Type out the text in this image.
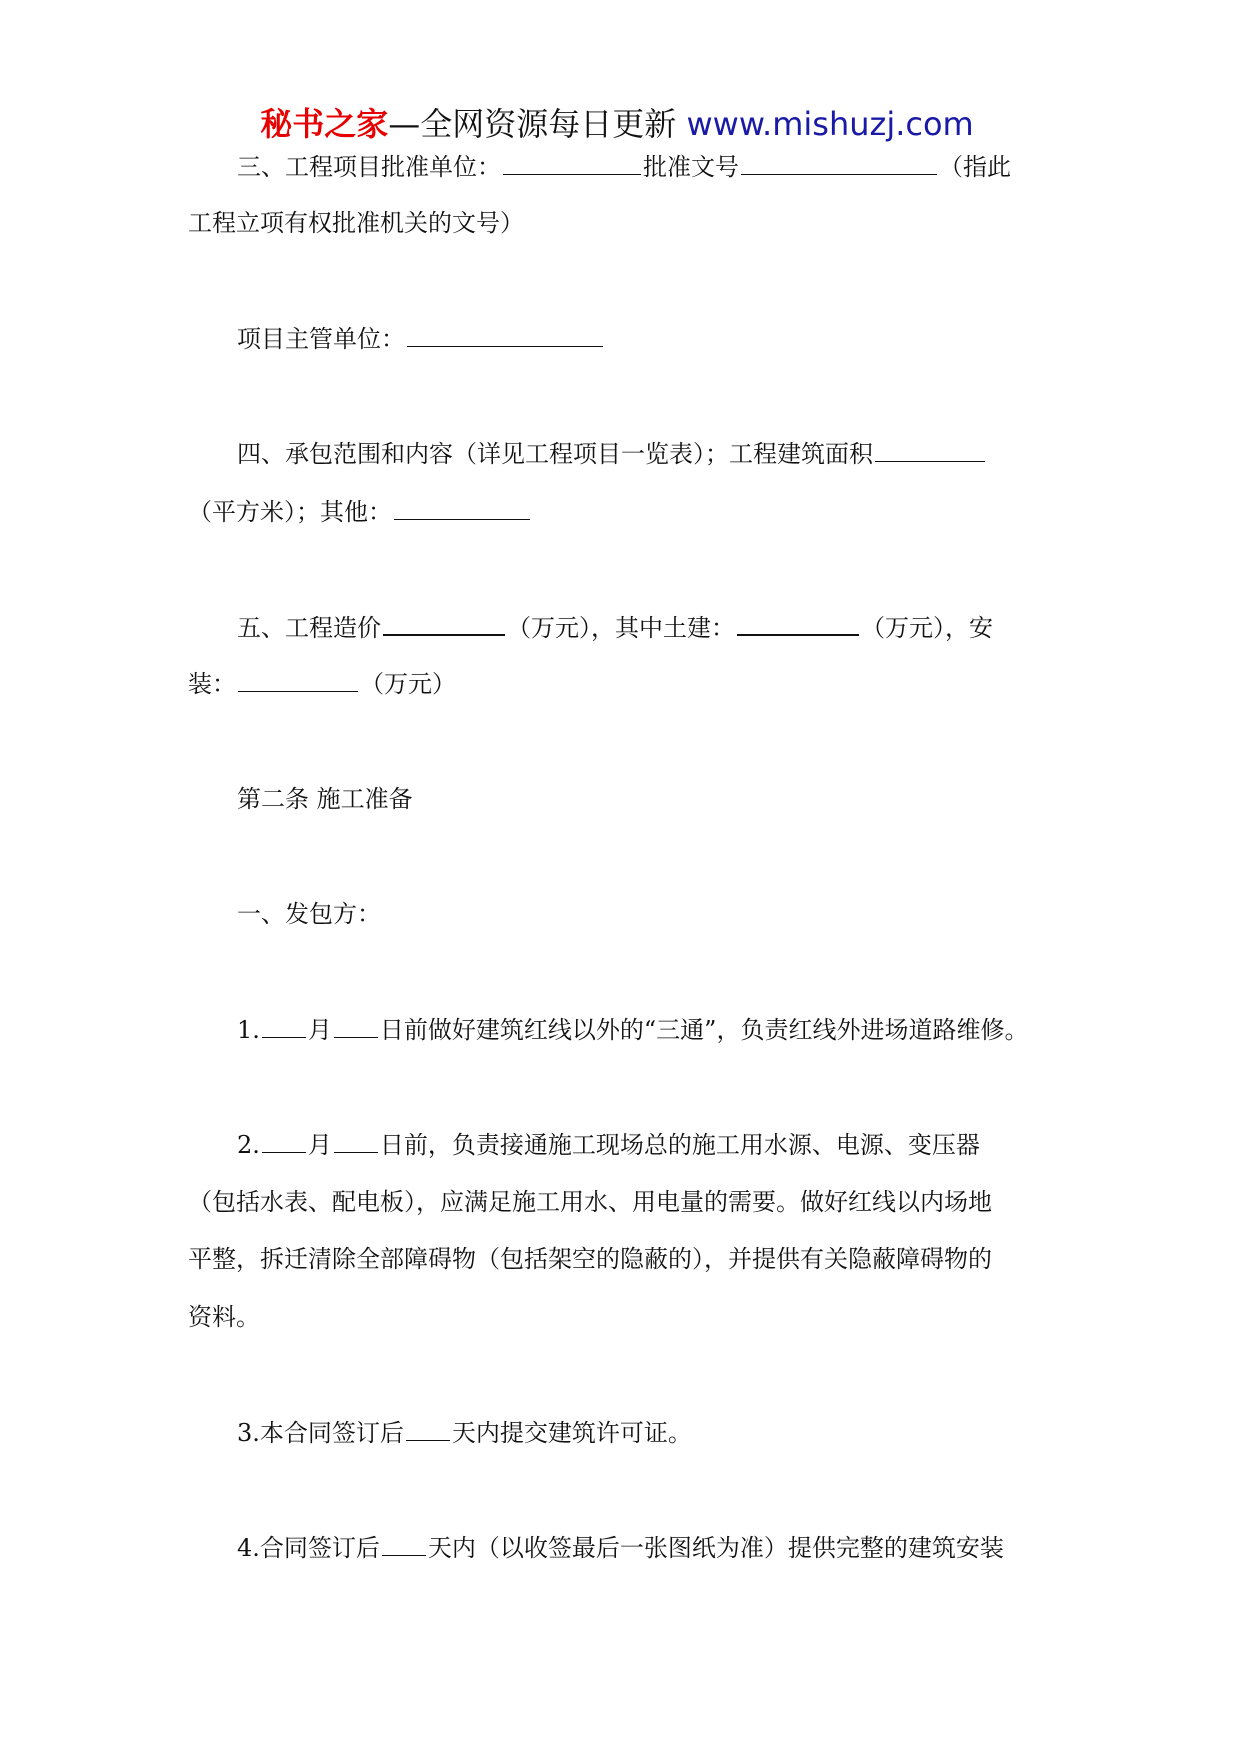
秘书之家—全网资源每日更新 www.mishuzj.com
三、工程项目批准单位：	批准文号	（指此
工程立项有权批准机关的文号）
项目主管单位：
四、承包范围和内容（详见工程项目一览表）；工程建筑面积
（平方米）；其他：
五、工程造价	（万元），其中土建：	（万元），安
装：	（万元）
第二条 施工准备
一、发包方：
1. 月 日前做好建筑红线以外的“三通”，负责红线外进场道路维修。
2. 月 日前，负责接通施工现场总的施工用水源、电源、变压器
（包括水表、配电板），应满足施工用水、用电量的需要。做好红线以内场地
平整，拆迁清除全部障碍物（包括架空的隐蔽的），并提供有关隐蔽障碍物的
资料。
3.本合同签订后 天内提交建筑许可证。
4.合同签订后 天内（以收签最后一张图纸为准）提供完整的建筑安装
